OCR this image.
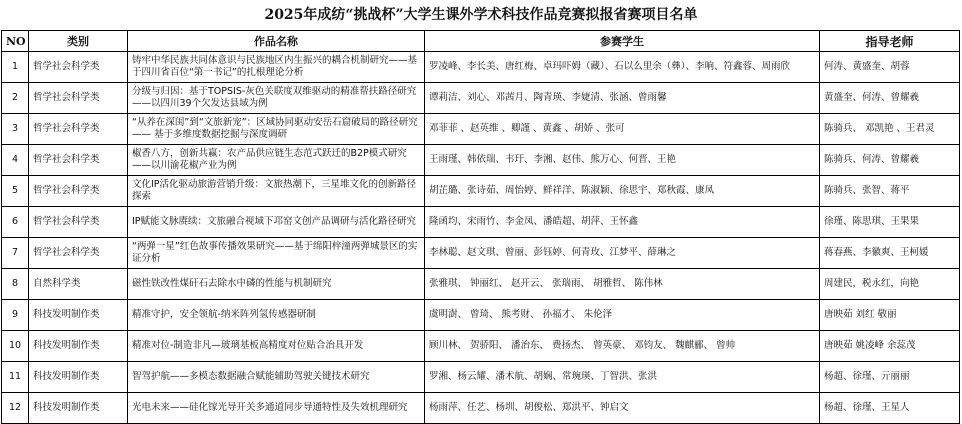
2025年成纺“挑战杯”大学生课外学术科技作品竞赛拟报省赛项目名单
NO	类别	作品名称	参赛学生	指导老师
1	哲学社会科学类	铸牢中华民族共同体意识与民族地区内生振兴的耦合机制研究——基于四川省百位“第一书记”的扎根理论分析	罗凌峰、李长美、唐红梅、卓玛吓姆（藏）、石以么里余（彝）、李响、符鑫蓉、周雨欣	何涛、黄盛奎、胡蓉
2	哲学社会科学类	分级与归因：基于TOPSIS-灰色关联度双维驱动的精准帮扶路径研究——以四川39个欠发达县域为例	谭莉洁、刘心、邓茜月、陶青瑛、李婕清、张涵、曾雨馨	黄盛奎、何涛、曾耀羲
3	哲学社会科学类	“从养在深闺”到“文旅新宠”：区域协同驱动安岳石窟破局的路径研究 —— 基于多维度数据挖掘与深度调研	邓菲菲 、赵英维 、卿謹 、黄鑫 、胡娇 、张可	陈骑兵、 邓凯艳 、王君灵
4	哲学社会科学类	椒香八方，创新共赢：农产品供应链生态范式跃迁的B2P模式研究——以川渝花椒产业为例	王雨瑾、韩依瑞、韦玗、李湘、赵伟、熊万心、何晋、王艳	陈骑兵、何涛、曾耀羲
5	哲学社会科学类	文化IP活化驱动旅游营销升级：文旅热潮下，三星堆文化的创新路径探索	胡芷璐、张诗茹、周怡婷、鲜祥洋、陈淑颖、徐思宇、郑秋霞、康凤	陈骑兵、张智、蒋平
6	哲学社会科学类	IP赋能文脉赓续：文旅融合视域下邛窑文创产品调研与活化路径研究	隆函均、宋雨竹、李金凤、潘皓超、胡萍、王怀鑫	徐瑾、陈思琪、王果果
7	哲学社会科学类	“两弹一星”红色故事传播效果研究——基于绵阳梓潼两弹城景区的实证分析	李林聪、赵文琪、曾丽、彭钰婷、何青玫、江梦平、薛琳之	蒋春燕、李徽爽、王柯媛
8	自然科学类	磁性铁改性煤矸石去除水中磷的性能与机制研究	张雅琪、 钟丽红、 赵开云、 张瑞雨、 胡雅哲、 陈伟林	周建民，税永红，向艳
9	科技发明制作类	精准守护，安全领航-纳米阵列氢传感器研制	虞明澍、 曾琦、 熊考财、 孙福才、 朱伦泽	唐映茹 刘红 敬丽
10	科技发明制作类	精准对位-制造非凡—玻璃基板高精度对位贴合治具开发	顾川林、 贺骄阳、 潘治东、 费扬杰、 曾英豪、 邓钧友、 魏麒郦、 曾帅	唐映茹 姚凌峰 余蕊茂
11	科技发明制作类	智驾护航——多模态数据融合赋能辅助驾驶关键技术研究	罗湘、杨云耀、潘术航、胡娴、常琬瑛、丁智洪、张洪	杨超、徐瑾、亓丽丽
12	科技发明制作类	光电未来——硅化镓光导开关多通道同步导通特性及失效机理研究	杨雨萍、任艺、杨圳、胡俊松、郑洪平、钟启文	杨超、徐瑾、王星人
